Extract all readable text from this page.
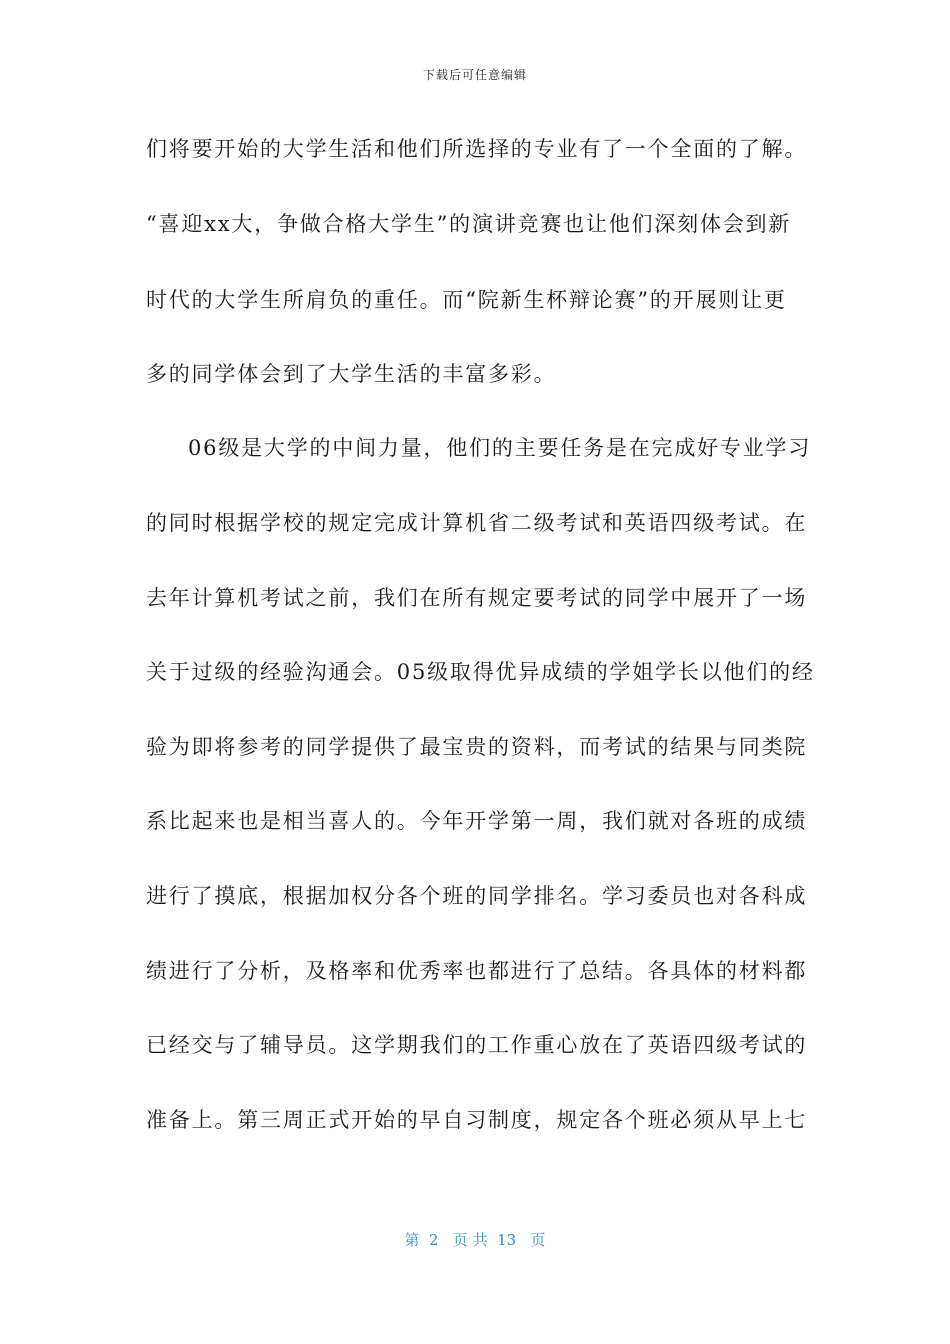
下载后可任意编辑
们将要开始的大学生活和他们所选择的专业有了一个全面的了解。
“喜迎xx大，争做合格大学生”的演讲竞赛也让他们深刻体会到新
时代的大学生所肩负的重任。而“院新生杯辩论赛”的开展则让更
多的同学体会到了大学生活的丰富多彩。
06级是大学的中间力量，他们的主要任务是在完成好专业学习
的同时根据学校的规定完成计算机省二级考试和英语四级考试。在
去年计算机考试之前，我们在所有规定要考试的同学中展开了一场
关于过级的经验沟通会。05级取得优异成绩的学姐学长以他们的经
验为即将参考的同学提供了最宝贵的资料，而考试的结果与同类院
系比起来也是相当喜人的。今年开学第一周，我们就对各班的成绩
进行了摸底，根据加权分各个班的同学排名。学习委员也对各科成
绩进行了分析，及格率和优秀率也都进行了总结。各具体的材料都
已经交与了辅导员。这学期我们的工作重心放在了英语四级考试的
准备上。第三周正式开始的早自习制度，规定各个班必须从早上七
第  2   页 共  13   页
